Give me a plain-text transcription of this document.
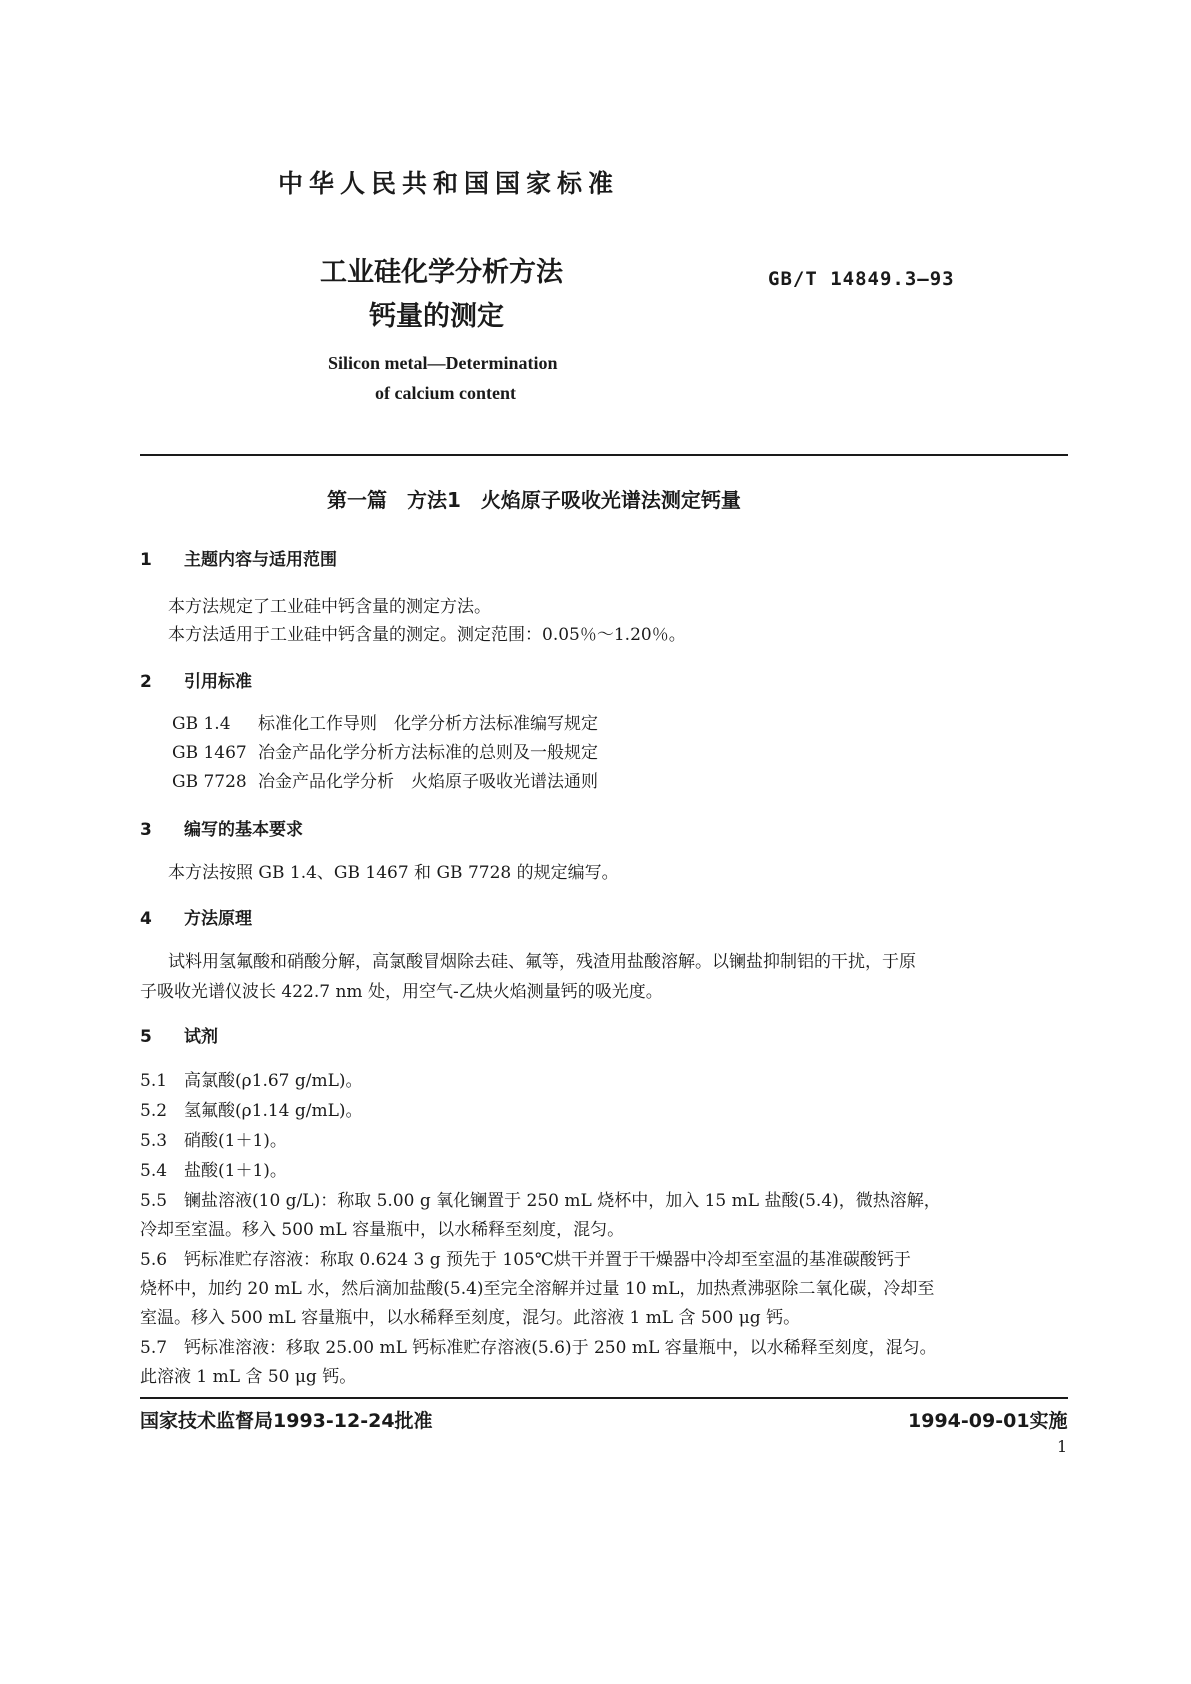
中华人民共和国国家标准
工业硅化学分析方法
钙量的测定
GB/T 14849.3—93
Silicon metal—Determination
of calcium content
第一篇　方法1　火焰原子吸收光谱法测定钙量
1 主题内容与适用范围
本方法规定了工业硅中钙含量的测定方法。
本方法适用于工业硅中钙含量的测定。测定范围：0.05％～1.20％。
2 引用标准
GB 1.4 标准化工作导则　化学分析方法标准编写规定
GB 1467 冶金产品化学分析方法标准的总则及一般规定
GB 7728 冶金产品化学分析　火焰原子吸收光谱法通则
3 编写的基本要求
本方法按照 GB 1.4、GB 1467 和 GB 7728 的规定编写。
4 方法原理
试料用氢氟酸和硝酸分解，高氯酸冒烟除去硅、氟等，残渣用盐酸溶解。以镧盐抑制铝的干扰，于原
子吸收光谱仪波长 422.7 nm 处，用空气-乙炔火焰测量钙的吸光度。
5 试剂
5.1 高氯酸(ρ1.67 g/mL)。
5.2 氢氟酸(ρ1.14 g/mL)。
5.3 硝酸(1＋1)。
5.4 盐酸(1＋1)。
5.5 镧盐溶液(10 g/L)：称取 5.00 g 氧化镧置于 250 mL 烧杯中，加入 15 mL 盐酸(5.4)，微热溶解，
冷却至室温。移入 500 mL 容量瓶中，以水稀释至刻度，混匀。
5.6 钙标准贮存溶液：称取 0.624 3 g 预先于 105℃烘干并置于干燥器中冷却至室温的基准碳酸钙于
烧杯中，加约 20 mL 水，然后滴加盐酸(5.4)至完全溶解并过量 10 mL，加热煮沸驱除二氧化碳，冷却至
室温。移入 500 mL 容量瓶中，以水稀释至刻度，混匀。此溶液 1 mL 含 500 μg 钙。
5.7 钙标准溶液：移取 25.00 mL 钙标准贮存溶液(5.6)于 250 mL 容量瓶中，以水稀释至刻度，混匀。
此溶液 1 mL 含 50 μg 钙。
国家技术监督局1993-12-24批准	1994-09-01实施
1
